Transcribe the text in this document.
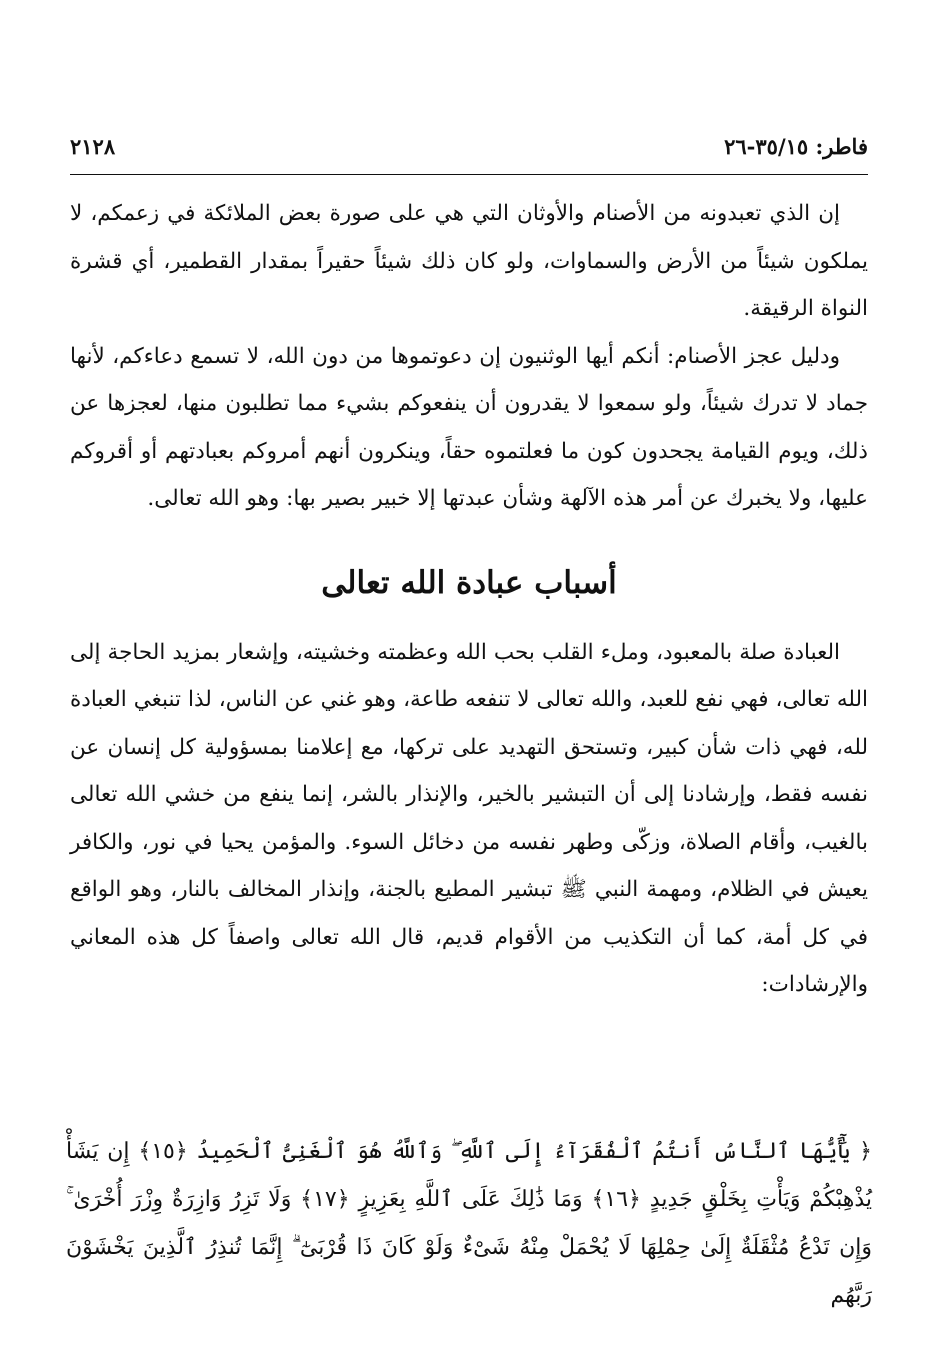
فاطر: ٣٥/١٥-٢٦
٢١٢٨

إن الذي تعبدونه من الأصنام والأوثان التي هي على صورة بعض الملائكة في زعمكم، لا يملكون شيئاً من الأرض والسماوات، ولو كان ذلك شيئاً حقيراً بمقدار القطمير، أي قشرة النواة الرقيقة.

ودليل عجز الأصنام: أنكم أيها الوثنيون إن دعوتموها من دون الله، لا تسمع دعاءكم، لأنها جماد لا تدرك شيئاً، ولو سمعوا لا يقدرون أن ينفعوكم بشيء مما تطلبون منها، لعجزها عن ذلك، ويوم القيامة يجحدون كون ما فعلتموه حقاً، وينكرون أنهم أمروكم بعبادتهم أو أقروكم عليها، ولا يخبرك عن أمر هذه الآلهة وشأن عبدتها إلا خبير بصير بها: وهو الله تعالى.

أسباب عبادة الله تعالى

العبادة صلة بالمعبود، وملء القلب بحب الله وعظمته وخشيته، وإشعار بمزيد الحاجة إلى الله تعالى، فهي نفع للعبد، والله تعالى لا تنفعه طاعة، وهو غني عن الناس، لذا تنبغي العبادة لله، فهي ذات شأن كبير، وتستحق التهديد على تركها، مع إعلامنا بمسؤولية كل إنسان عن نفسه فقط، وإرشادنا إلى أن التبشير بالخير، والإنذار بالشر، إنما ينفع من خشي الله تعالى بالغيب، وأقام الصلاة، وزكّى وطهر نفسه من دخائل السوء. والمؤمن يحيا في نور، والكافر يعيش في الظلام، ومهمة النبي ﷺ تبشير المطيع بالجنة، وإنذار المخالف بالنار، وهو الواقع في كل أمة، كما أن التكذيب من الأقوام قديم، قال الله تعالى واصفاً كل هذه المعاني والإرشادات:

﴿ يَٰٓأَيُّهَا ٱلنَّاسُ أَنتُمُ ٱلْفُقَرَآءُ إِلَى ٱللَّهِ ۖ وَٱللَّهُ هُوَ ٱلْغَنِىُّ ٱلْحَمِيدُ ﴿١٥﴾ إِن يَشَأْ يُذْهِبْكُمْ وَيَأْتِ بِخَلْقٍ جَدِيدٍ ﴿١٦﴾ وَمَا ذَٰلِكَ عَلَى ٱللَّهِ بِعَزِيزٍ ﴿١٧﴾ وَلَا تَزِرُ وَازِرَةٌ وِزْرَ أُخْرَىٰ ۚ وَإِن تَدْعُ مُثْقَلَةٌ إِلَىٰ حِمْلِهَا لَا يُحْمَلْ مِنْهُ شَىْءٌ وَلَوْ كَانَ ذَا قُرْبَىٰٓ ۗ إِنَّمَا تُنذِرُ ٱلَّذِينَ يَخْشَوْنَ رَبَّهُم
